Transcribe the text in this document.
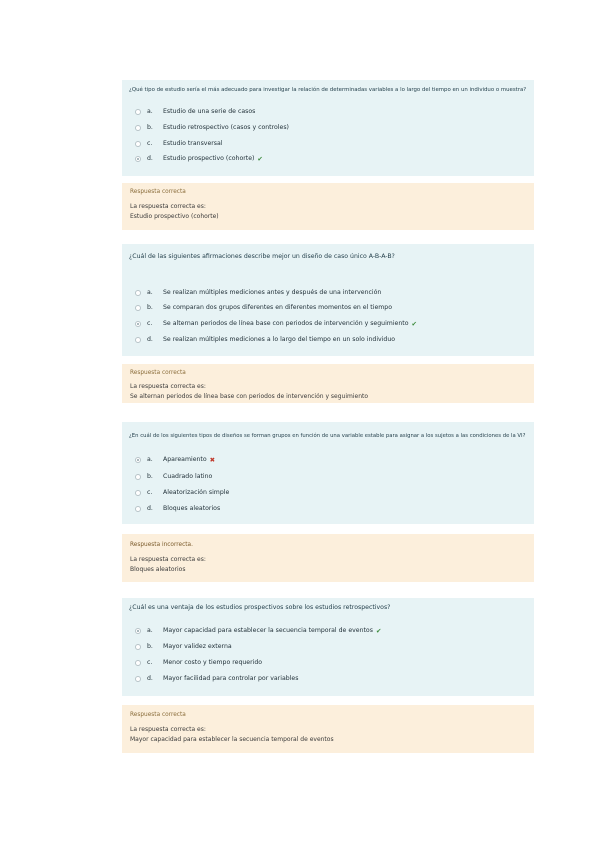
¿Qué tipo de estudio sería el más adecuado para investigar la relación de determinadas variables a lo largo del tiempo en un individuo o muestra?
a.	Estudio de una serie de casos
b.	Estudio retrospectivo (casos y controles)
c.	Estudio transversal
d.	Estudio prospectivo (cohorte) ✔
Respuesta correcta
La respuesta correcta es:
Estudio prospectivo (cohorte)
¿Cuál de las siguientes afirmaciones describe mejor un diseño de caso único A-B-A-B?
a.	Se realizan múltiples mediciones antes y después de una intervención
b.	Se comparan dos grupos diferentes en diferentes momentos en el tiempo
c.	Se alternan periodos de línea base con periodos de intervención y seguimiento ✔
d.	Se realizan múltiples mediciones a lo largo del tiempo en un solo individuo
Respuesta correcta
La respuesta correcta es:
Se alternan periodos de línea base con periodos de intervención y seguimiento
¿En cuál de los siguientes tipos de diseños se forman grupos en función de una variable estable para asignar a los sujetos a las condiciones de la VI?
a.	Apareamiento ✖
b.	Cuadrado latino
c.	Aleatorización simple
d.	Bloques aleatorios
Respuesta incorrecta.
La respuesta correcta es:
Bloques aleatorios
¿Cuál es una ventaja de los estudios prospectivos sobre los estudios retrospectivos?
a.	Mayor capacidad para establecer la secuencia temporal de eventos ✔
b.	Mayor validez externa
c.	Menor costo y tiempo requerido
d.	Mayor facilidad para controlar por variables
Respuesta correcta
La respuesta correcta es:
Mayor capacidad para establecer la secuencia temporal de eventos
